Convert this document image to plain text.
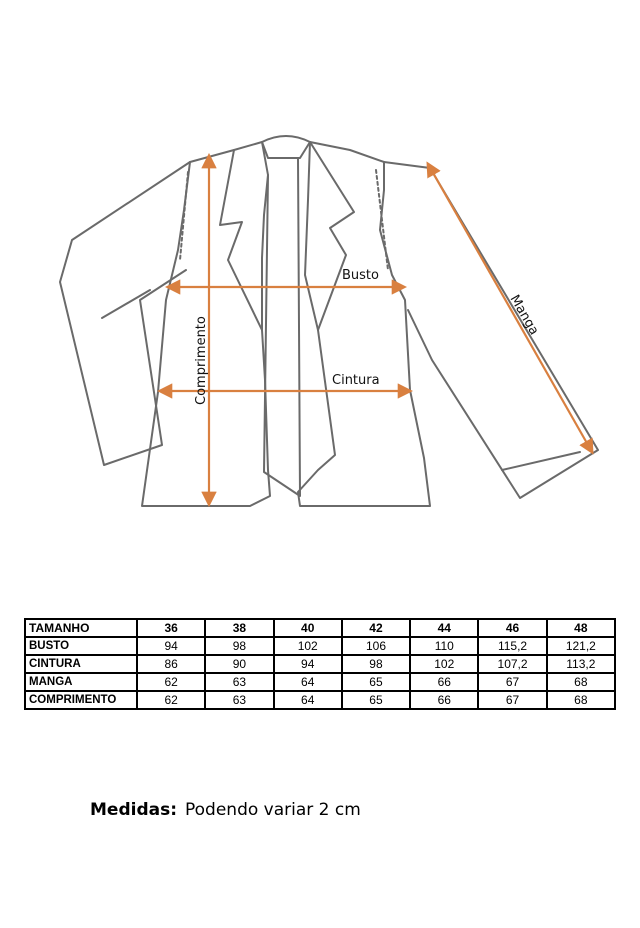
Busto
Cintura
Comprimento
Manga
TAMANHO	36	38	40	42	44	46	48
BUSTO	94	98	102	106	110	115,2	121,2
CINTURA	86	90	94	98	102	107,2	113,2
MANGA	62	63	64	65	66	67	68
COMPRIMENTO	62	63	64	65	66	67	68
Medidas: Podendo variar 2 cm
